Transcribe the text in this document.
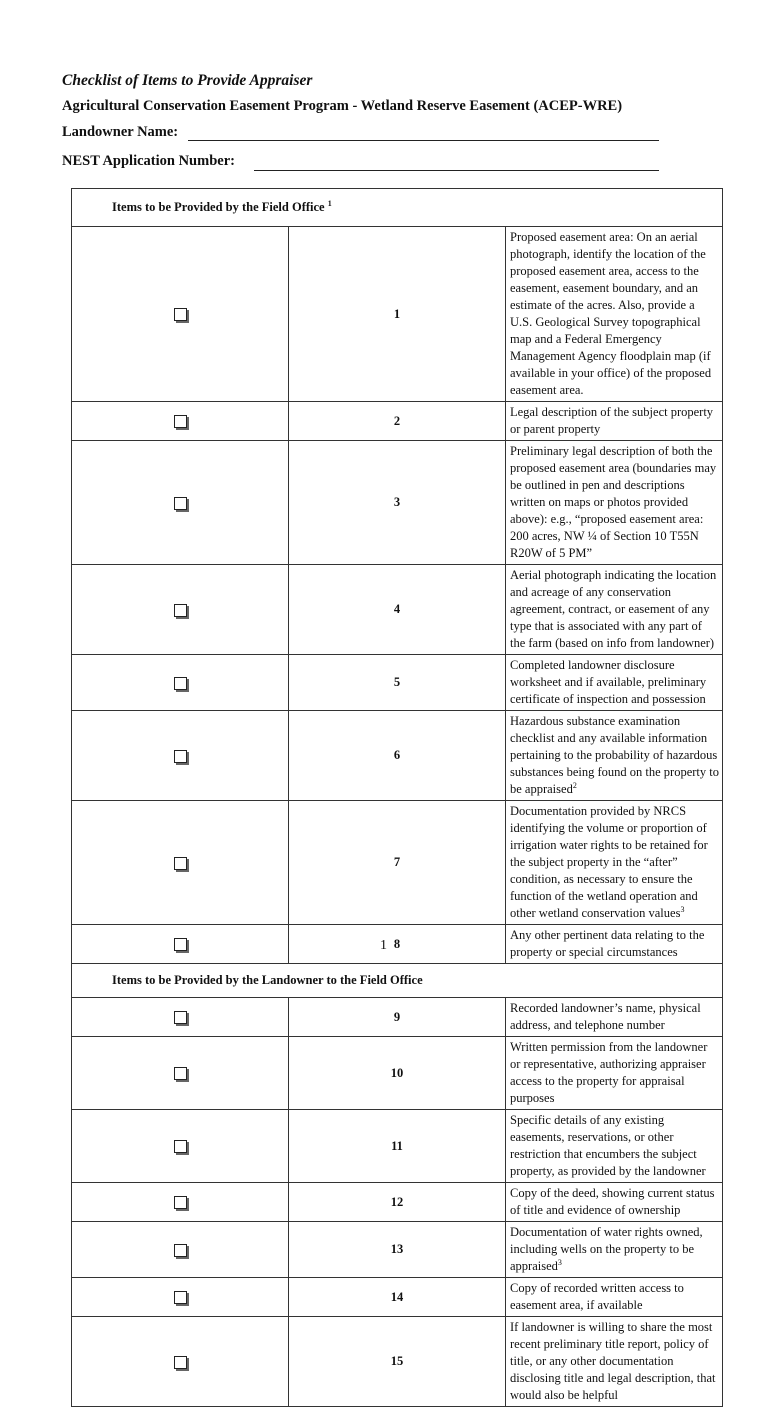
Checklist of Items to Provide Appraiser
Agricultural Conservation Easement Program - Wetland Reserve Easement (ACEP-WRE)
Landowner Name:
NEST Application Number:
Items to be Provided by the Field Office $^1$
	1	Proposed easement area: On an aerial photograph, identify the location of the proposed easement area, access to the easement, easement boundary, and an estimate of the acres. Also, provide a U.S. Geological Survey topographical map and a Federal Emergency Management Agency floodplain map (if available in your office) of the proposed easement area.
	2	Legal description of the subject property or parent property
	3	Preliminary legal description of both the proposed easement area (boundaries may be outlined in pen and descriptions written on maps or photos provided above): e.g., “proposed easement area: 200 acres, NW ¼ of Section 10 T55N R20W of 5 PM”
	4	Aerial photograph indicating the location and acreage of any conservation agreement, contract, or easement of any type that is associated with any part of the farm (based on info from landowner)
	5	Completed landowner disclosure worksheet and if available, preliminary certificate of inspection and possession
	6	Hazardous substance examination checklist and any available information pertaining to the probability of hazardous substances being found on the property to be appraised$^2$
	7	Documentation provided by NRCS identifying the volume or proportion of irrigation water rights to be retained for the subject property in the “after” condition, as necessary to ensure the function of the wetland operation and other wetland conservation values$^3$
	8	Any other pertinent data relating to the property or special circumstances
Items to be Provided by the Landowner to the Field Office		
	9	Recorded landowner’s name, physical address, and telephone number
	10	Written permission from the landowner or representative, authorizing appraiser access to the property for appraisal purposes
	11	Specific details of any existing easements, reservations, or other restriction that encumbers the subject property, as provided by the landowner
	12	Copy of the deed, showing current status of title and evidence of ownership
	13	Documentation of water rights owned, including wells on the property to be appraised$^3$
	14	Copy of recorded written access to easement area, if available
	15	If landowner is willing to share the most recent preliminary title report, policy of title, or any other documentation disclosing title and legal description, that would also be helpful
1
